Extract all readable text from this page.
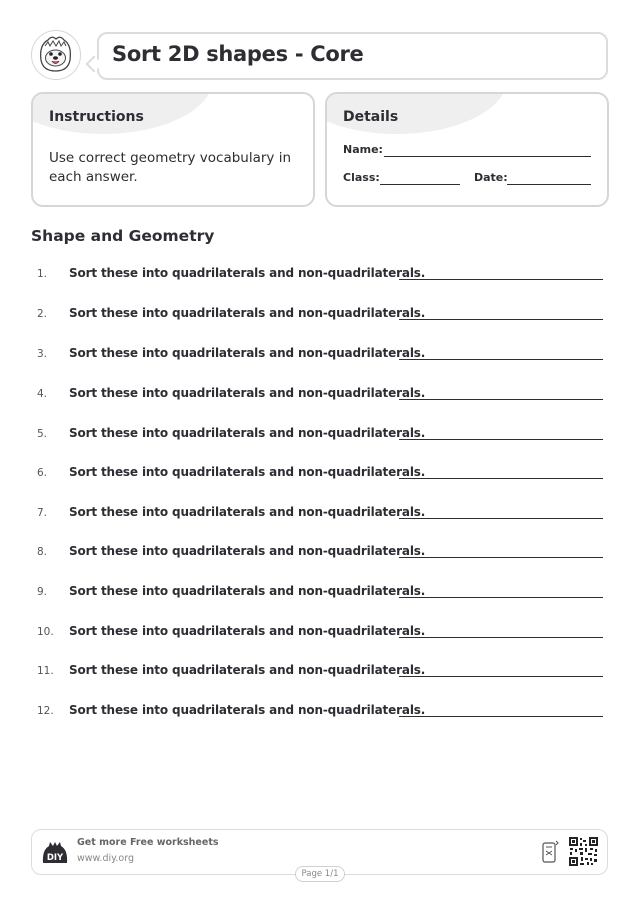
Sort 2D shapes - Core
Instructions
Use correct geometry vocabulary in each answer.
Details
Name:
Class:	Date:
Shape and Geometry
1. Sort these into quadrilaterals and non-quadrilaterals.
2. Sort these into quadrilaterals and non-quadrilaterals.
3. Sort these into quadrilaterals and non-quadrilaterals.
4. Sort these into quadrilaterals and non-quadrilaterals.
5. Sort these into quadrilaterals and non-quadrilaterals.
6. Sort these into quadrilaterals and non-quadrilaterals.
7. Sort these into quadrilaterals and non-quadrilaterals.
8. Sort these into quadrilaterals and non-quadrilaterals.
9. Sort these into quadrilaterals and non-quadrilaterals.
10. Sort these into quadrilaterals and non-quadrilaterals.
11. Sort these into quadrilaterals and non-quadrilaterals.
12. Sort these into quadrilaterals and non-quadrilaterals.
DIY
Get more Free worksheets
www.diy.org
Page 1/1
